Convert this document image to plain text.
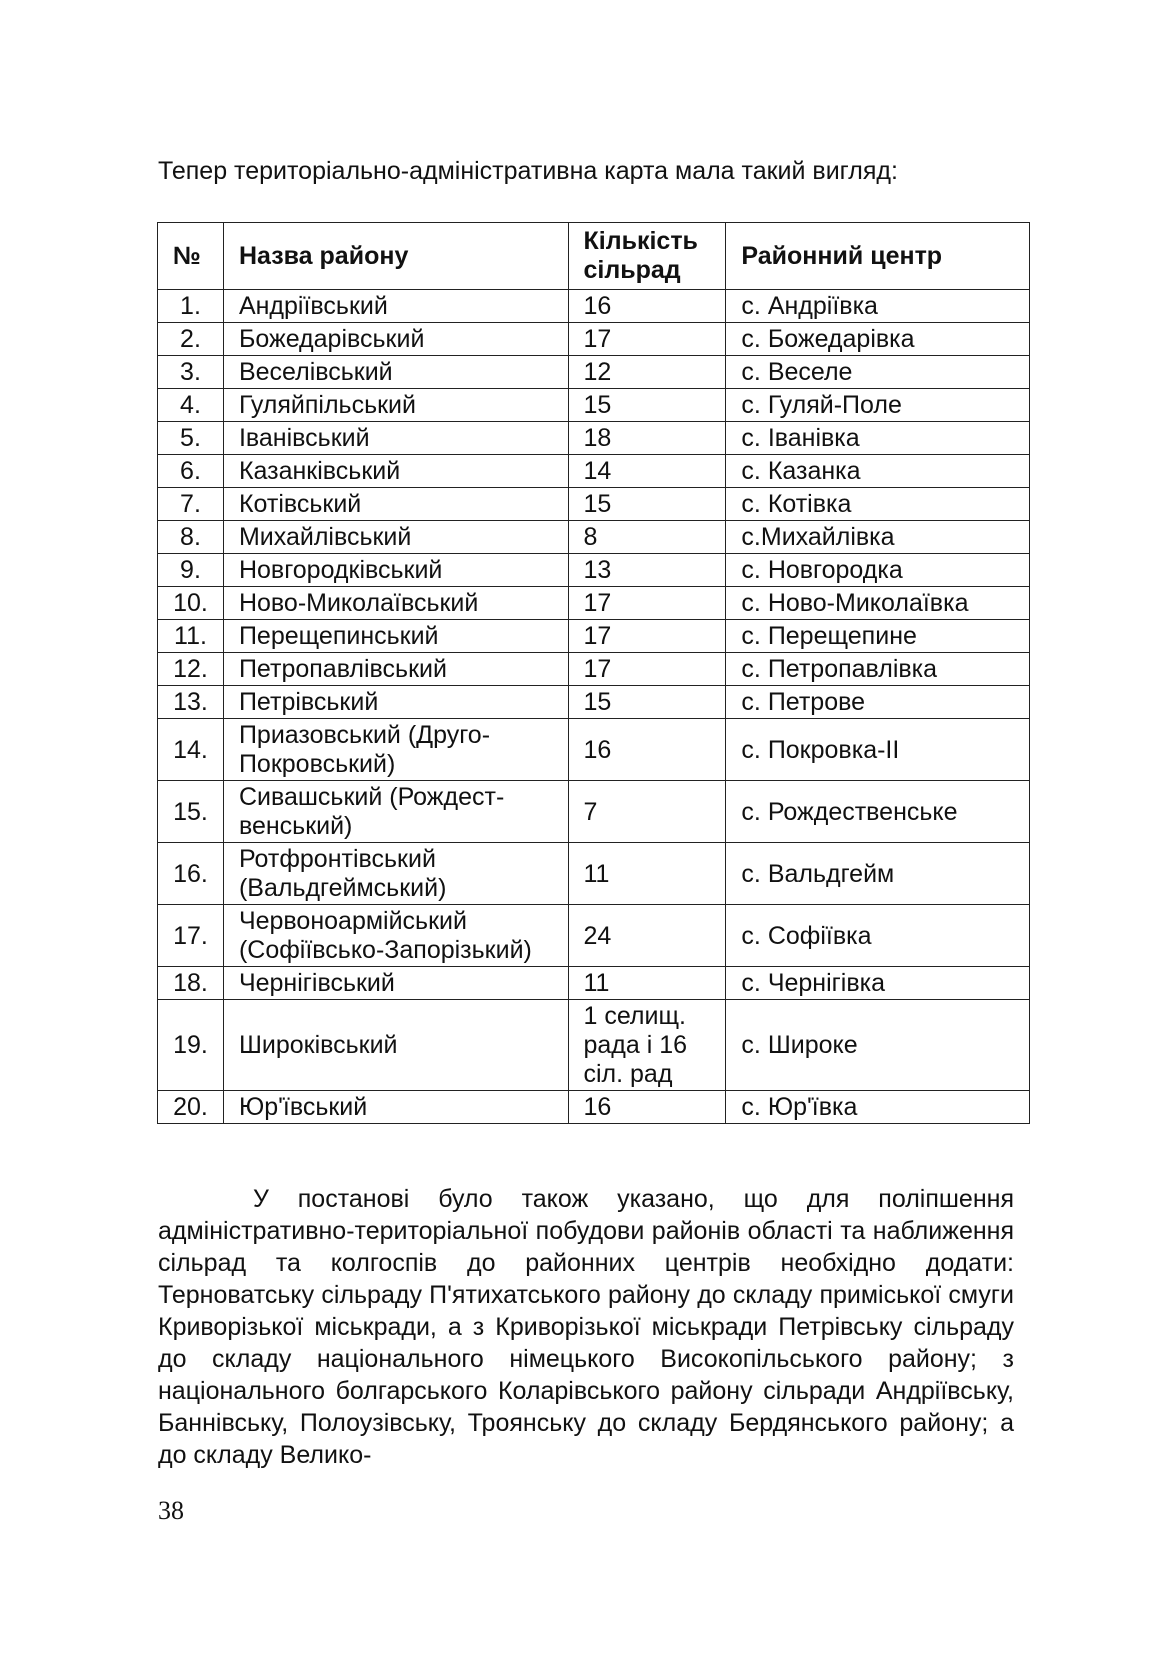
Тепер територіально-адміністративна карта мала такий вигляд:

№	Назва району	Кількість сільрад	Районний центр
1.	Андріївський	16	с. Андріївка
2.	Божедарівський	17	с. Божедарівка
3.	Веселівський	12	с. Веселе
4.	Гуляйпільський	15	с. Гуляй-Поле
5.	Іванівський	18	с. Іванівка
6.	Казанківський	14	с. Казанка
7.	Котівський	15	с. Котівка
8.	Михайлівський	8	с.Михайлівка
9.	Новгородківський	13	с. Новгородка
10.	Ново-Миколаївський	17	с. Ново-Миколаївка
11.	Перещепинський	17	с. Перещепине
12.	Петропавлівський	17	с. Петропавлівка
13.	Петрівський	15	с. Петрове
14.	Приазовський (Друго-Покровський)	16	с. Покровка-ІІ
15.	Сивашський (Рождест-венський)	7	с. Рождественське
16.	Ротфронтівський (Вальдгеймський)	11	с. Вальдгейм
17.	Червоноармійський (Софіївсько-Запорізький)	24	с. Софіївка
18.	Чернігівський	11	с. Чернігівка
19.	Широківський	1 селищ. рада і 16 сіл. рад	с. Широке
20.	Юр'ївський	16	с. Юр'ївка

У постанові було також указано, що для поліпшення адміністративно-територіальної побудови районів області та наближення сільрад та колгоспів до районних центрів необхідно додати: Терноватську сільраду П'ятихатського району до складу приміської смуги Криворізької міськради, а з Криворізької міськради Петрівську сільраду до складу національного німецького Високопільського району; з національного болгарського Коларівського району сільради Андріївську, Баннівську, Полоузівську, Троянську до складу Бердянського району; а до складу Велико-

38
